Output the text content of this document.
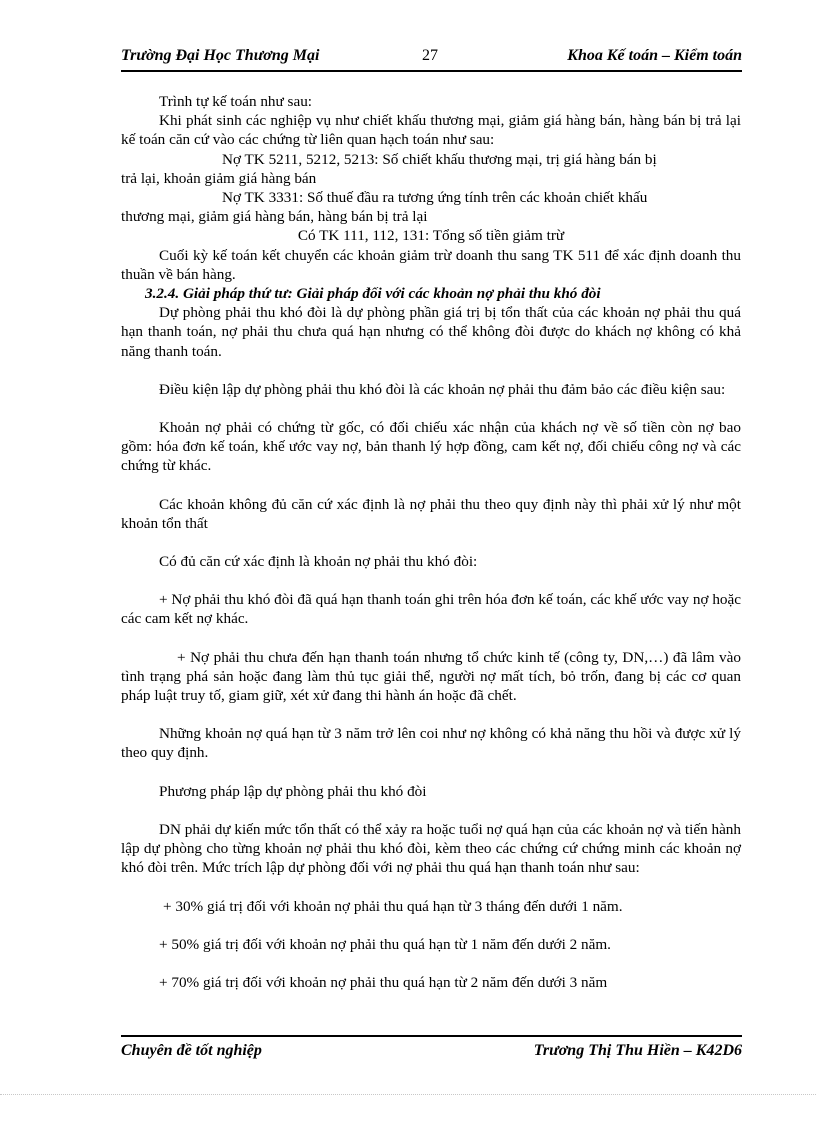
Trường Đại Học Thương Mại	27	Khoa Kế toán – Kiểm toán

Trình tự kế toán như sau:

Khi phát sinh các nghiệp vụ như chiết khấu thương mại, giảm giá hàng bán, hàng bán bị trả lại kế toán căn cứ vào các chứng từ liên quan hạch toán như sau:

Nợ TK 5211, 5212, 5213: Số chiết khấu thương mại, trị giá hàng bán bị

trả lại, khoản giảm giá hàng bán

Nợ TK 3331: Số thuế đầu ra tương ứng tính trên các khoản chiết khấu

thương mại, giảm giá hàng bán, hàng bán bị trả lại

Có TK 111, 112, 131: Tổng số tiền giảm trừ

Cuối kỳ kế toán kết chuyển các khoản giảm trừ doanh thu sang TK 511 để xác định doanh thu thuần về bán hàng.

3.2.4. Giải pháp thứ tư: Giải pháp đối với các khoản nợ phải thu khó đòi

Dự phòng phải thu khó đòi là dự phòng phần giá trị bị tổn thất của các khoản nợ phải thu quá hạn thanh toán, nợ phải thu chưa quá hạn nhưng có thể không đòi được do khách nợ không có khả năng thanh toán.

Điều kiện lập dự phòng phải thu khó đòi là các khoản nợ phải thu đảm bảo các điều kiện sau:

Khoản nợ phải có chứng từ gốc, có đối chiếu xác nhận của khách nợ về số tiền còn nợ bao gồm: hóa đơn kế toán, khế ước vay nợ, bản thanh lý hợp đồng, cam kết nợ, đối chiếu công nợ và các chứng từ khác.

Các khoản không đủ căn cứ xác định là nợ phải thu theo quy định này thì phải xử lý như một khoản tổn thất

Có đủ căn cứ xác định là khoản nợ phải thu khó đòi:

+ Nợ phải thu khó đòi đã quá hạn thanh toán ghi trên hóa đơn kế toán, các khế ước vay nợ hoặc các cam kết nợ khác.

+ Nợ phải thu chưa đến hạn thanh toán nhưng tổ chức kinh tế (công ty, DN,…) đã lâm vào tình trạng phá sản hoặc đang làm thủ tục giải thể, người nợ mất tích, bỏ trốn, đang bị các cơ quan pháp luật truy tố, giam giữ, xét xử đang thi hành án hoặc đã chết.

Những khoản nợ quá hạn từ 3 năm trở lên coi như nợ không có khả năng thu hồi và được xử lý theo quy định.

Phương pháp lập dự phòng phải thu khó đòi

DN phải dự kiến mức tổn thất có thể xảy ra hoặc tuổi nợ quá hạn của các khoản nợ và tiến hành lập dự phòng cho từng khoản nợ phải thu khó đòi, kèm theo các chứng cứ chứng minh các khoản nợ khó đòi trên. Mức trích lập dự phòng đối với nợ phải thu quá hạn thanh toán như sau:

+ 30% giá trị đối với khoản nợ phải thu quá hạn từ 3 tháng đến dưới 1 năm.

+ 50% giá trị đối với khoản nợ phải thu quá hạn từ 1 năm đến dưới 2 năm.

+ 70% giá trị đối với khoản nợ phải thu quá hạn từ 2 năm đến dưới 3 năm

Chuyên đề tốt nghiệp	Trương Thị Thu Hiền – K42D6
